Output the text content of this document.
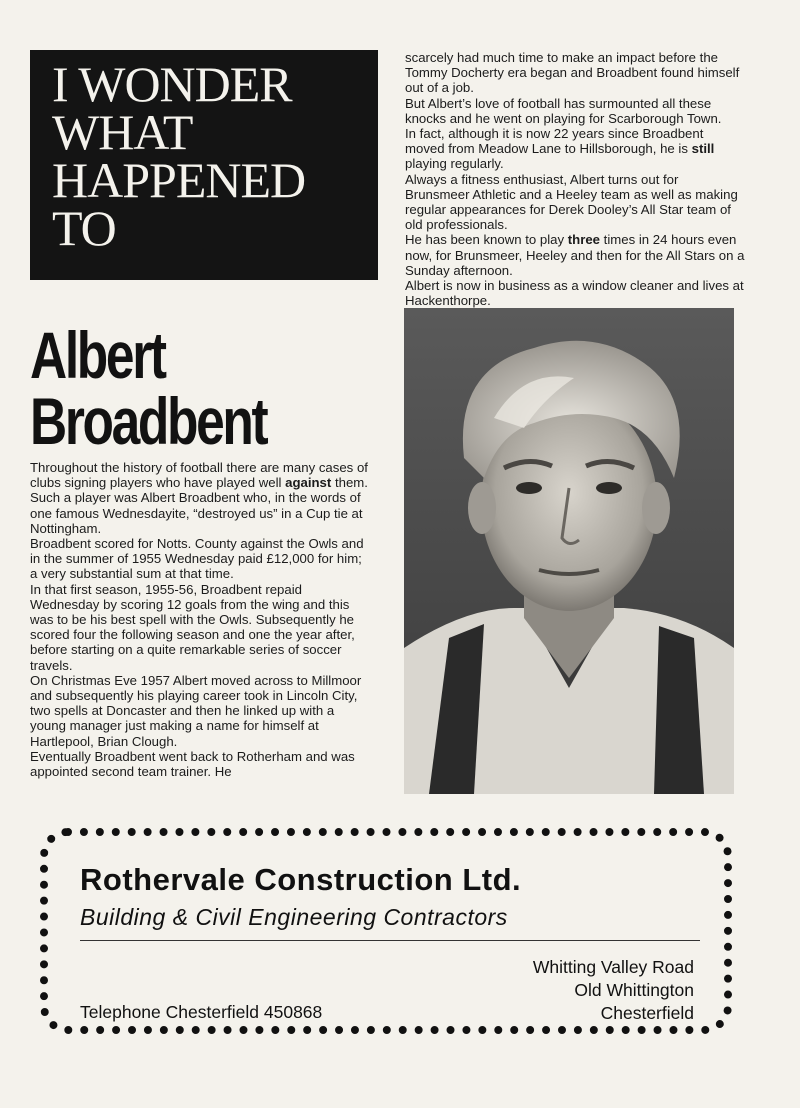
I WONDER
WHAT
HAPPENED
TO
Albert
Broadbent

Throughout the history of football there are many cases of clubs signing players who have played well against them. Such a player was Albert Broadbent who, in the words of one famous Wednesdayite, “destroyed us” in a Cup tie at Nottingham.

Broadbent scored for Notts. County against the Owls and in the summer of 1955 Wednesday paid £12,000 for him; a very substantial sum at that time.

In that first season, 1955-56, Broadbent repaid Wednesday by scoring 12 goals from the wing and this was to be his best spell with the Owls. Subsequently he scored four the following season and one the year after, before starting on a quite remarkable series of soccer travels.

On Christmas Eve 1957 Albert moved across to Millmoor and subsequently his playing career took in Lincoln City, two spells at Doncaster and then he linked up with a young manager just making a name for himself at Hartlepool, Brian Clough.

Eventually Broadbent went back to Rotherham and was appointed second team trainer. He

scarcely had much time to make an impact before the Tommy Docherty era began and Broadbent found himself out of a job.

But Albert’s love of football has surmounted all these knocks and he went on playing for Scarborough Town.

In fact, although it is now 22 years since Broadbent moved from Meadow Lane to Hillsborough, he is still playing regularly.

Always a fitness enthusiast, Albert turns out for Brunsmeer Athletic and a Heeley team as well as making regular appearances for Derek Dooley’s All Star team of old professionals.

He has been known to play three times in 24 hours even now, for Brunsmeer, Heeley and then for the All Stars on a Sunday afternoon.

Albert is now in business as a window cleaner and lives at Hackenthorpe.

Rothervale Construction Ltd.
Building & Civil Engineering Contractors
Whitting Valley Road
Old Whittington
Chesterfield
Telephone Chesterfield 450868
